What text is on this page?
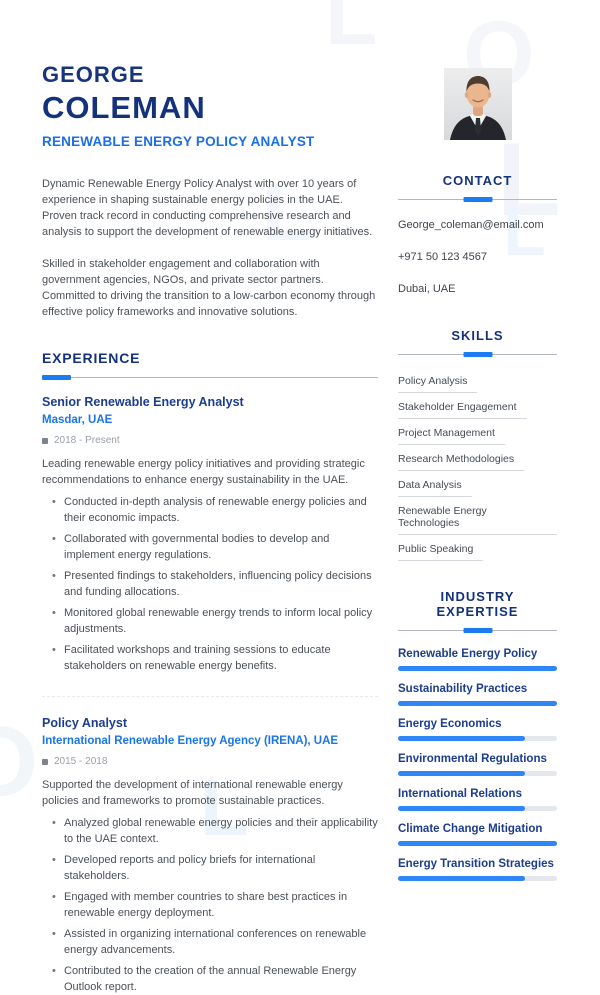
L
O
L
L
L
O
L
GEORGE
COLEMAN
RENEWABLE ENERGY POLICY ANALYST

Dynamic Renewable Energy Policy Analyst with over 10 years of experience in shaping sustainable energy policies in the UAE. Proven track record in conducting comprehensive research and analysis to support the development of renewable energy initiatives.

Skilled in stakeholder engagement and collaboration with government agencies, NGOs, and private sector partners. Committed to driving the transition to a low-carbon economy through effective policy frameworks and innovative solutions.

EXPERIENCE
Senior Renewable Energy Analyst
Masdar, UAE
2018 - Present

Leading renewable energy policy initiatives and providing strategic recommendations to enhance energy sustainability in the UAE.

• Conducted in-depth analysis of renewable energy policies and their economic impacts.
• Collaborated with governmental bodies to develop and implement energy regulations.
• Presented findings to stakeholders, influencing policy decisions and funding allocations.
• Monitored global renewable energy trends to inform local policy adjustments.
• Facilitated workshops and training sessions to educate stakeholders on renewable energy benefits.
Policy Analyst
International Renewable Energy Agency (IRENA), UAE
2015 - 2018

Supported the development of international renewable energy policies and frameworks to promote sustainable practices.

• Analyzed global renewable energy policies and their applicability to the UAE context.
• Developed reports and policy briefs for international stakeholders.
• Engaged with member countries to share best practices in renewable energy deployment.
• Assisted in organizing international conferences on renewable energy advancements.
• Contributed to the creation of the annual Renewable Energy Outlook report.
CONTACT
George_coleman@email.com
+971 50 123 4567
Dubai, UAE
SKILLS
Policy Analysis
Stakeholder Engagement
Project Management
Research Methodologies
Data Analysis
Renewable Energy Technologies
Public Speaking
INDUSTRY EXPERTISE
Renewable Energy Policy
Sustainability Practices
Energy Economics
Environmental Regulations
International Relations
Climate Change Mitigation
Energy Transition Strategies
